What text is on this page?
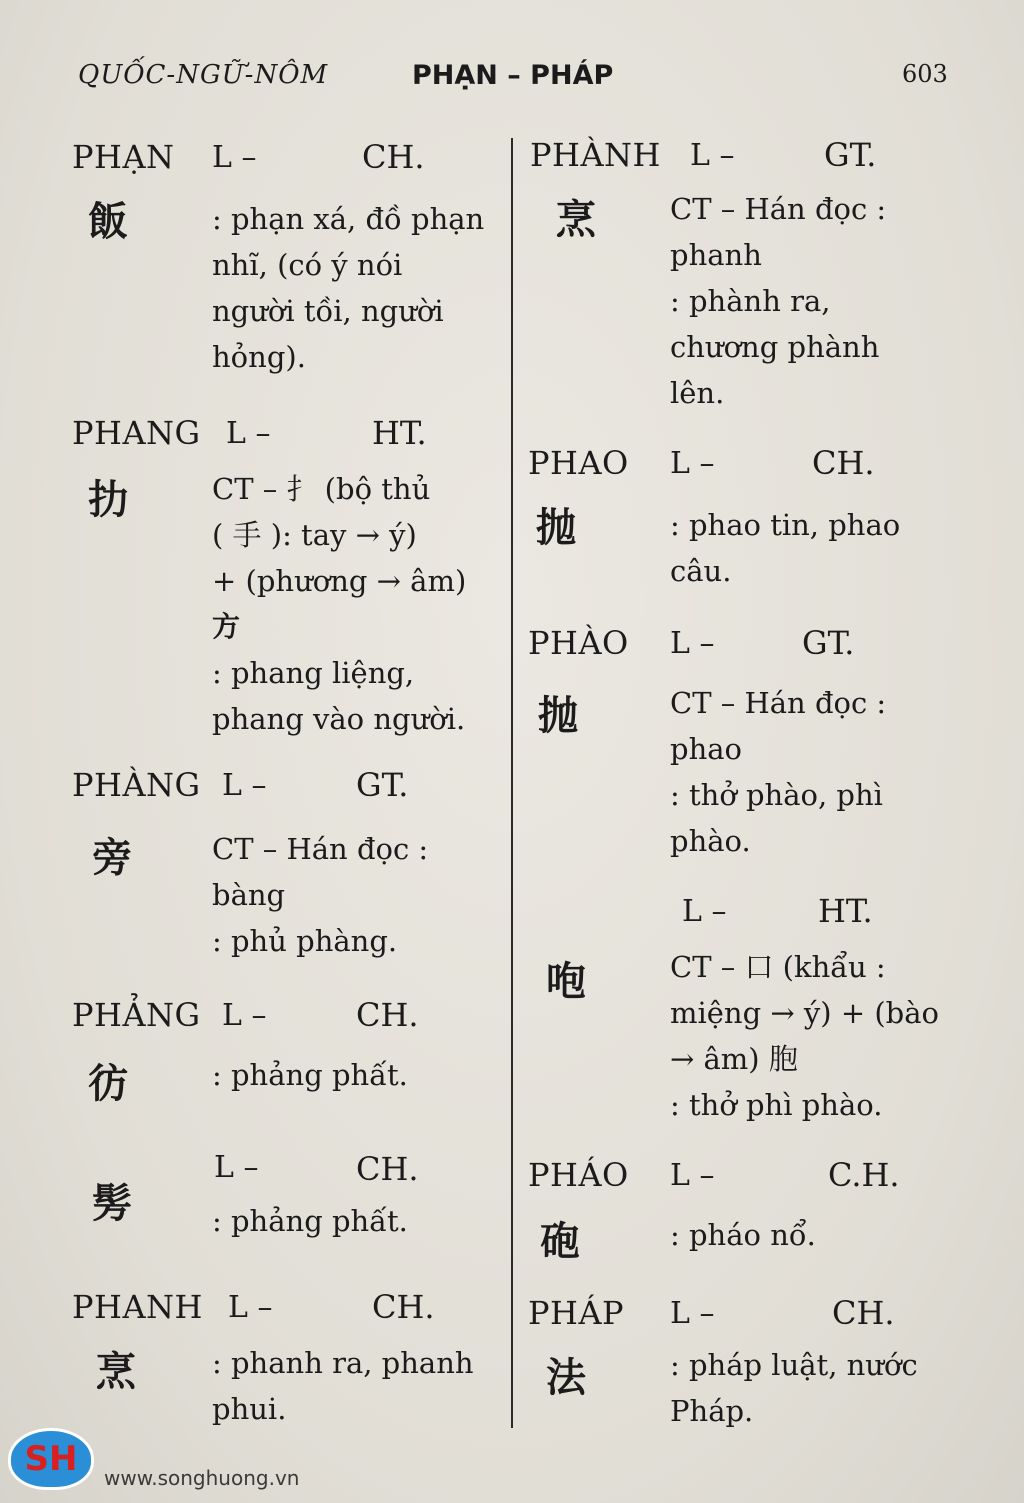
QUỐC-NGỮ-NÔM	PHẠN – PHÁP	603
PHẠN L –	CH.
飯	: phạn xá, đồ phạn
nhĩ, (có ý nói
người tồi, người
hỏng).
PHANG L –	HT.
扐	CT – 扌 (bộ thủ
( 手 ): tay → ý)
+ (phương → âm)
方
: phang liệng,
phang vào người.
PHÀNG L –	GT.
旁	CT – Hán đọc :
bàng
: phủ phàng.
PHẢNG L –	CH.
彷	: phảng phất.
L –	CH.
髣	: phảng phất.
PHANH L –	CH.
烹	: phanh ra, phanh
phui.
PHÀNH L –	GT.
烹	CT – Hán đọc :
phanh
: phành ra,
chương phành
lên.
PHAO L –	CH.
抛	: phao tin, phao
câu.
PHÀO L –	GT.
抛	CT – Hán đọc :
phao
: thở phào, phì
phào.
L –	HT.
咆	CT – 口 (khẩu :
miệng → ý) + (bào
→ âm) 胞
: thở phì phào.
PHÁO L –	C.H.
砲	: pháo nổ.
PHÁP L –	CH.
法	: pháp luật, nước
Pháp.
SH	www.songhuong.vn
